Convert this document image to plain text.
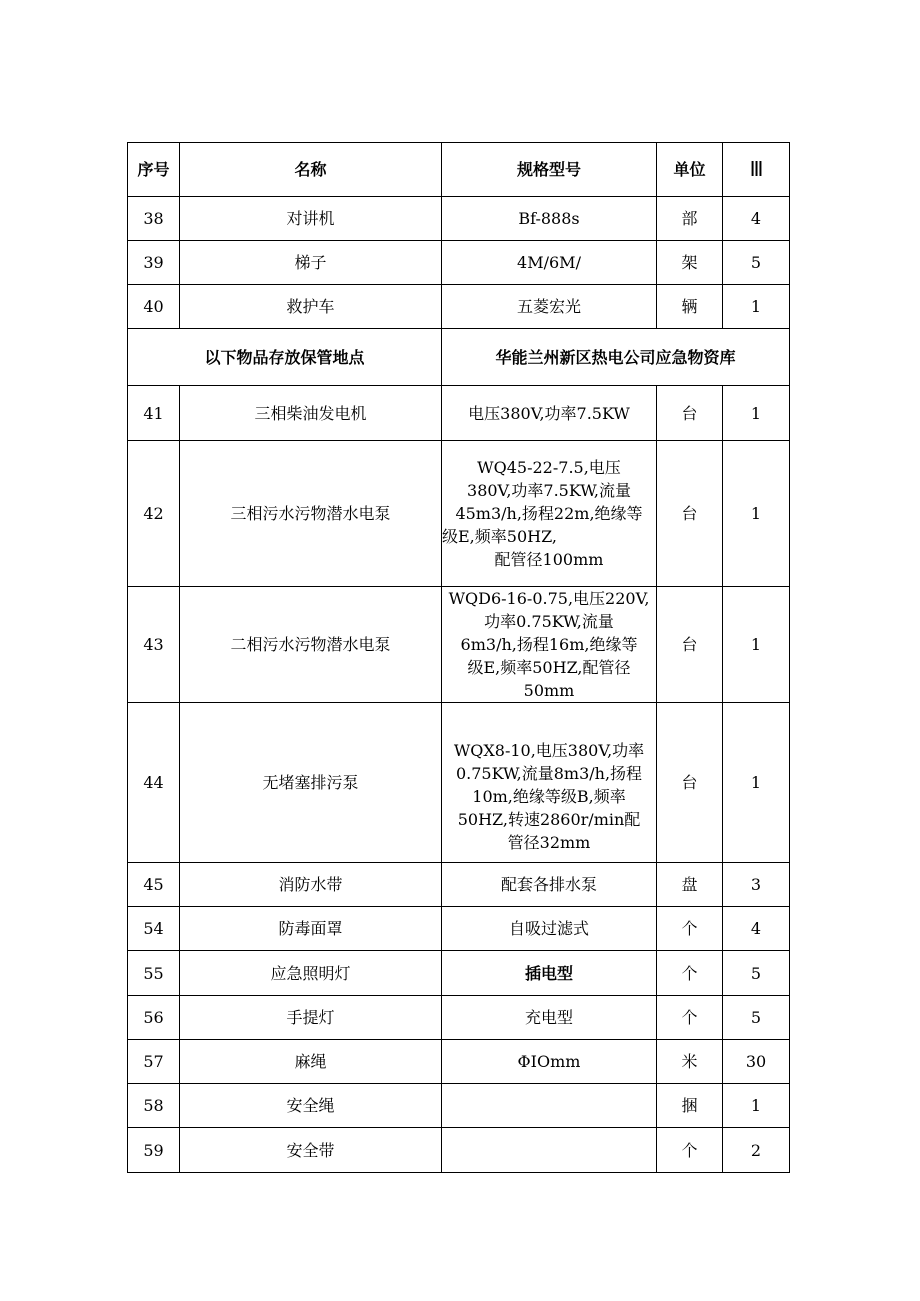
序号	名称	规格型号	单位	Ⅲ
38	对讲机	Bf-888s	部	4
39	梯子	4M/6M/	架	5
40	救护车	五菱宏光	辆	1
以下物品存放保管地点		华能兰州新区热电公司应急物资库		
41	三相柴油发电机	电压380V,功率7.5KW	台	1
42	三相污水污物潜水电泵	WQ45-22-7.5,电压
380V,功率7.5KW,流量
45m3/h,扬程22m,绝缘等
级E,频率50HZ,
配管径100mm	台	1
43	二相污水污物潜水电泵	WQD6-16-0.75,电压220V,
功率0.75KW,流量
6m3/h,扬程16m,绝缘等
级E,频率50HZ,配管径
50mm	台	1
44	无堵塞排污泵	WQX8-10,电压380V,功率
0.75KW,流量8m3/h,扬程
10m,绝缘等级B,频率
50HZ,转速2860r/min配
管径32mm	台	1
45	消防水带	配套各排水泵	盘	3
54	防毒面罩	自吸过滤式	个	4
55	应急照明灯	插电型	个	5
56	手提灯	充电型	个	5
57	麻绳	ΦIOmm	米	30
58	安全绳		捆	1
59	安全带		个	2
